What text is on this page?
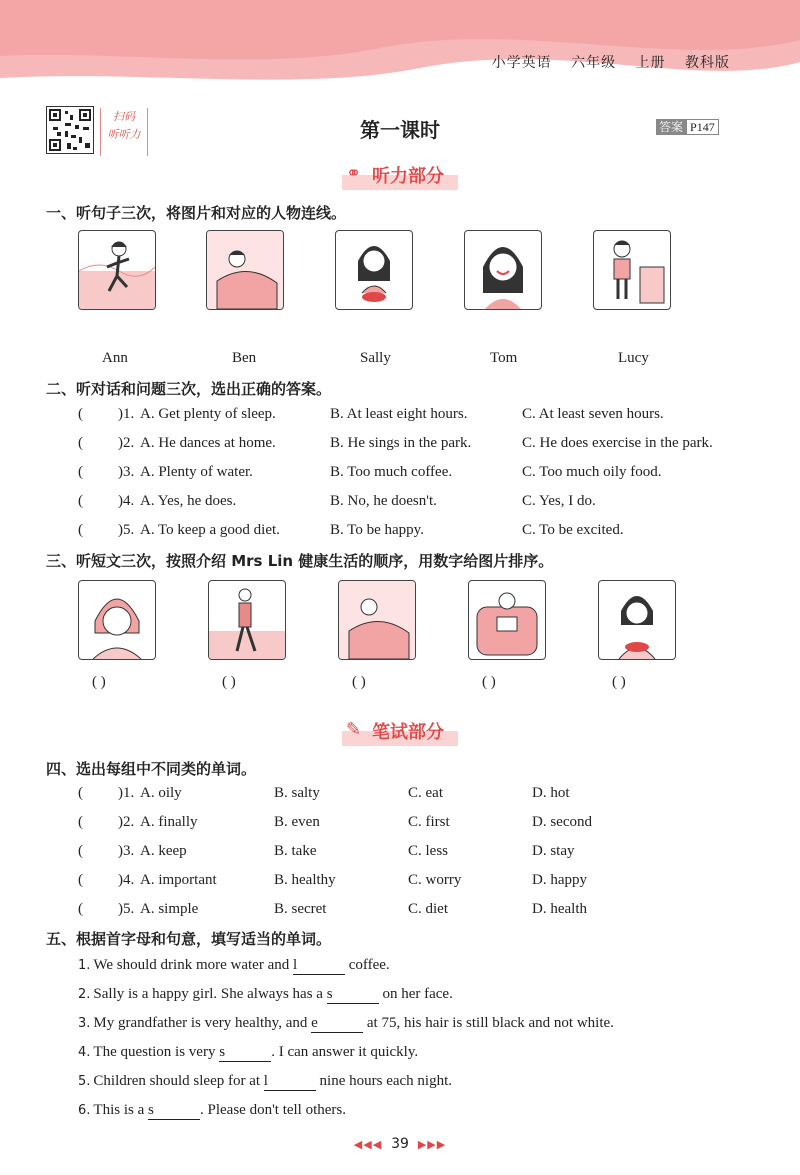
小学英语 六年级 上册 教科版
扫码
听听力	第一课时	答案 P147
⚭ 听力部分
一、听句子三次，将图片和对应的人物连线。
Ann	Ben	Sally	Tom	Lucy
二、听对话和问题三次，选出正确的答案。
( )1. A. Get plenty of sleep.	B. At least eight hours.	C. At least seven hours.
( )2. A. He dances at home.	B. He sings in the park.	C. He does exercise in the park.
( )3. A. Plenty of water.	B. Too much coffee.	C. Too much oily food.
( )4. A. Yes, he does.	B. No, he doesn't.	C. Yes, I do.
( )5. A. To keep a good diet.	B. To be happy.	C. To be excited.
三、听短文三次，按照介绍 Mrs Lin 健康生活的顺序，用数字给图片排序。
( )	( )	( )	( )	( )
✎ 笔试部分
四、选出每组中不同类的单词。
( )1. A. oily	B. salty	C. eat	D. hot
( )2. A. finally	B. even	C. first	D. second
( )3. A. keep	B. take	C. less	D. stay
( )4. A. important	B. healthy	C. worry	D. happy
( )5. A. simple	B. secret	C. diet	D. health
五、根据首字母和句意，填写适当的单词。
1. We should drink more water and l	coffee.
2. Sally is a happy girl. She always has a s	on her face.
3. My grandfather is very healthy, and e	at 75, his hair is still black and not white.
4. The question is very s	. I can answer it quickly.
5. Children should sleep for at l	nine hours each night.
6. This is a s	. Please don't tell others.
◀◀◀ 39 ▶▶▶
